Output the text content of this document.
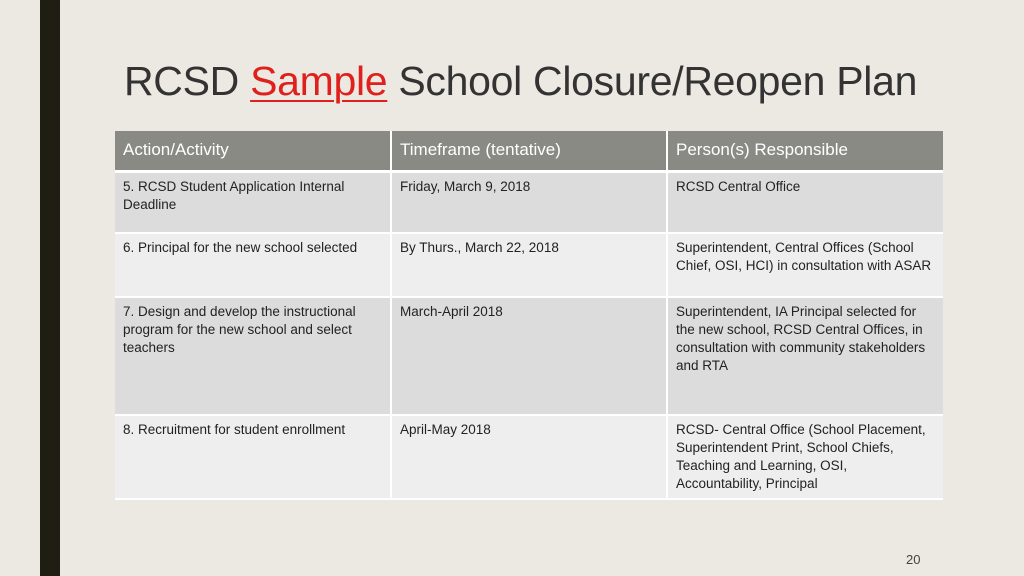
RCSD Sample School Closure/Reopen Plan
Action/Activity	Timeframe (tentative)	Person(s) Responsible
5. RCSD Student Application Internal Deadline	Friday, March 9, 2018	RCSD Central Office
6. Principal for the new school selected	By Thurs., March 22, 2018	Superintendent, Central Offices (School Chief, OSI, HCI) in consultation with ASAR
7. Design and develop the instructional program for the new school and select teachers	March-April 2018	Superintendent, IA Principal selected for the new school, RCSD Central Offices, in consultation with community stakeholders and RTA
8. Recruitment for student enrollment	April-May 2018	RCSD- Central Office (School Placement, Superintendent Print, School Chiefs, Teaching and Learning, OSI, Accountability, Principal
20
